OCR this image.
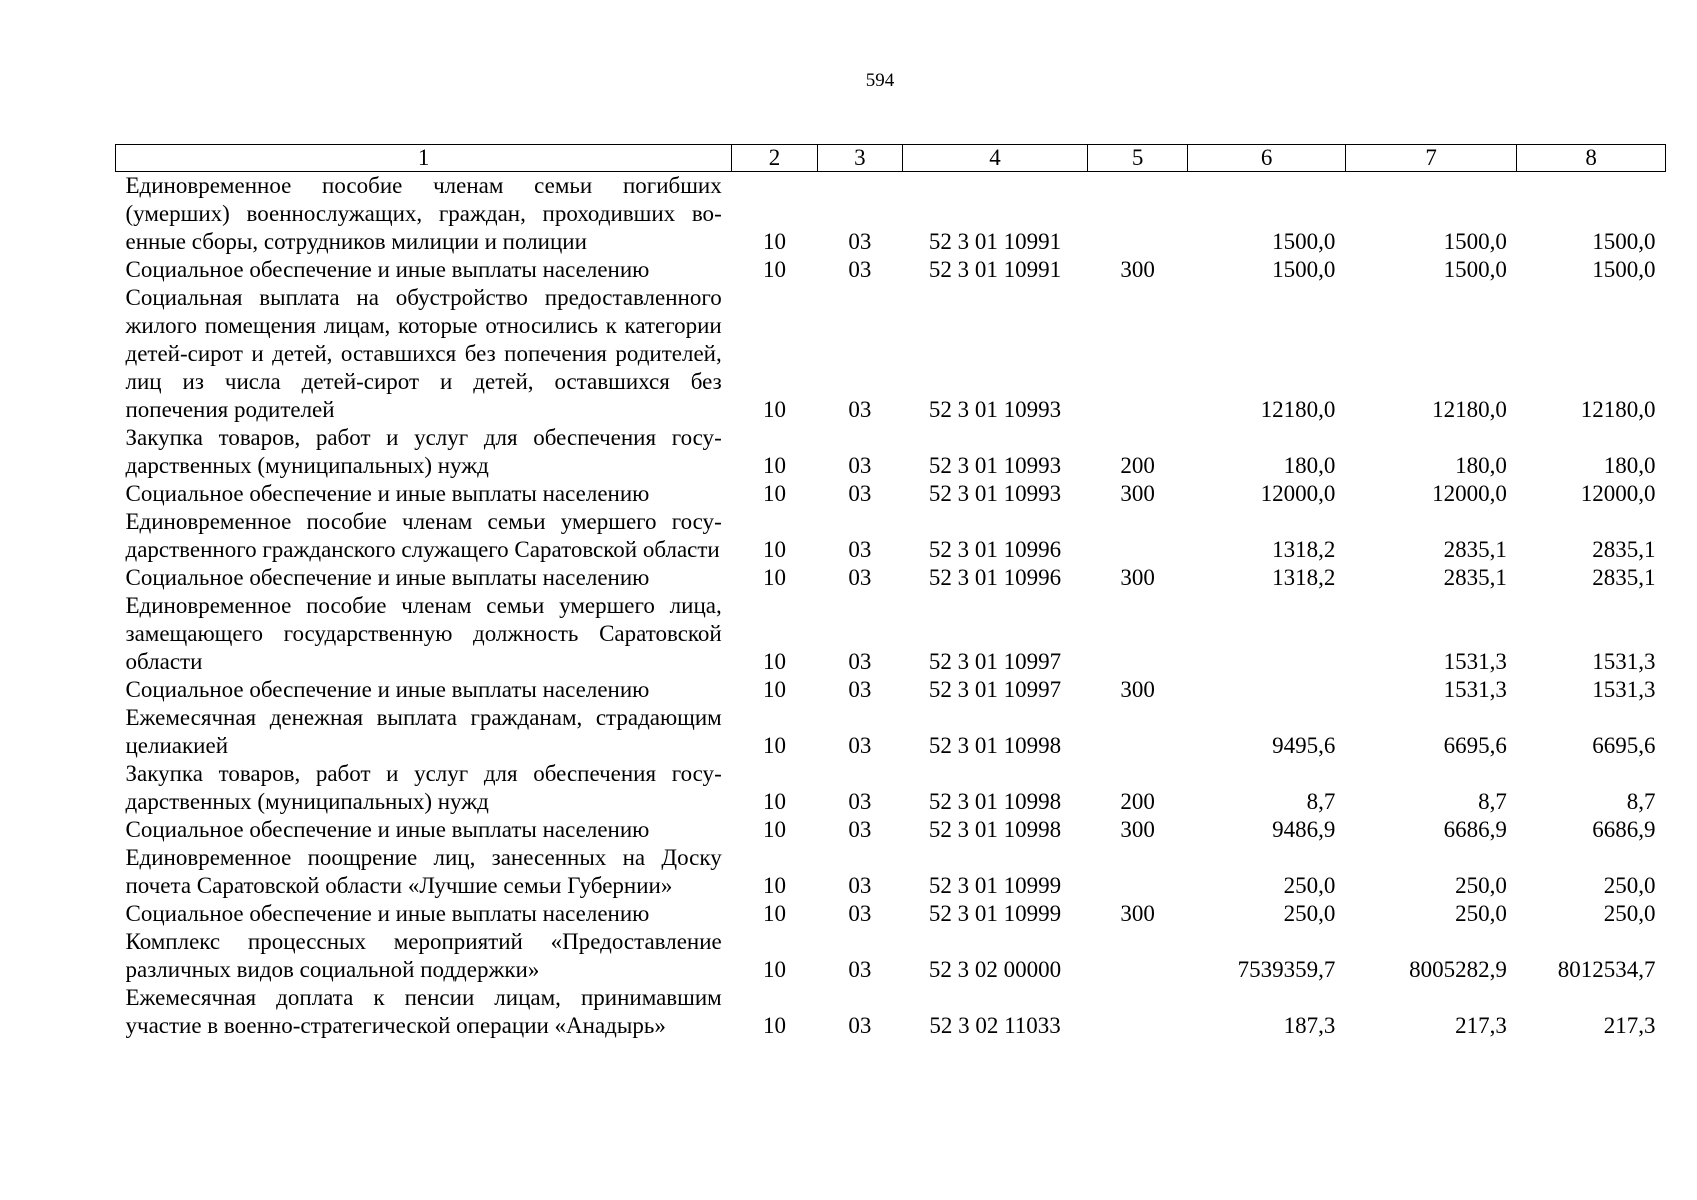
594
1	2	3	4	5	6	7	8
Единовременное пособие членам семьи погибших (умерших) военнослужащих, граждан, проходивших военные сборы, сотрудников милиции и полиции	10	03	52 3 01 10991		1500,0	1500,0	1500,0
Социальное обеспечение и иные выплаты населению	10	03	52 3 01 10991	300	1500,0	1500,0	1500,0
Социальная выплата на обустройство предоставленного жилого помещения лицам, которые относились к категории детей-сирот и детей, оставшихся без попечения родителей, лиц из числа детей-сирот и детей, оставшихся без попечения родителей	10	03	52 3 01 10993		12180,0	12180,0	12180,0
Закупка товаров, работ и услуг для обеспечения государственных (муниципальных) нужд	10	03	52 3 01 10993	200	180,0	180,0	180,0
Социальное обеспечение и иные выплаты населению	10	03	52 3 01 10993	300	12000,0	12000,0	12000,0
Единовременное пособие членам семьи умершего государственного гражданского служащего Саратовской области	10	03	52 3 01 10996		1318,2	2835,1	2835,1
Социальное обеспечение и иные выплаты населению	10	03	52 3 01 10996	300	1318,2	2835,1	2835,1
Единовременное пособие членам семьи умершего лица, замещающего государственную должность Саратовской области	10	03	52 3 01 10997			1531,3	1531,3
Социальное обеспечение и иные выплаты населению	10	03	52 3 01 10997	300		1531,3	1531,3
Ежемесячная денежная выплата гражданам, страдающим целиакией	10	03	52 3 01 10998		9495,6	6695,6	6695,6
Закупка товаров, работ и услуг для обеспечения государственных (муниципальных) нужд	10	03	52 3 01 10998	200	8,7	8,7	8,7
Социальное обеспечение и иные выплаты населению	10	03	52 3 01 10998	300	9486,9	6686,9	6686,9
Единовременное поощрение лиц, занесенных на Доску почета Саратовской области «Лучшие семьи Губернии»	10	03	52 3 01 10999		250,0	250,0	250,0
Социальное обеспечение и иные выплаты населению	10	03	52 3 01 10999	300	250,0	250,0	250,0
Комплекс процессных мероприятий «Предоставление различных видов социальной поддержки»	10	03	52 3 02 00000		7539359,7	8005282,9	8012534,7
Ежемесячная доплата к пенсии лицам, принимавшим участие в военно-стратегической операции «Анадырь»	10	03	52 3 02 11033		187,3	217,3	217,3
